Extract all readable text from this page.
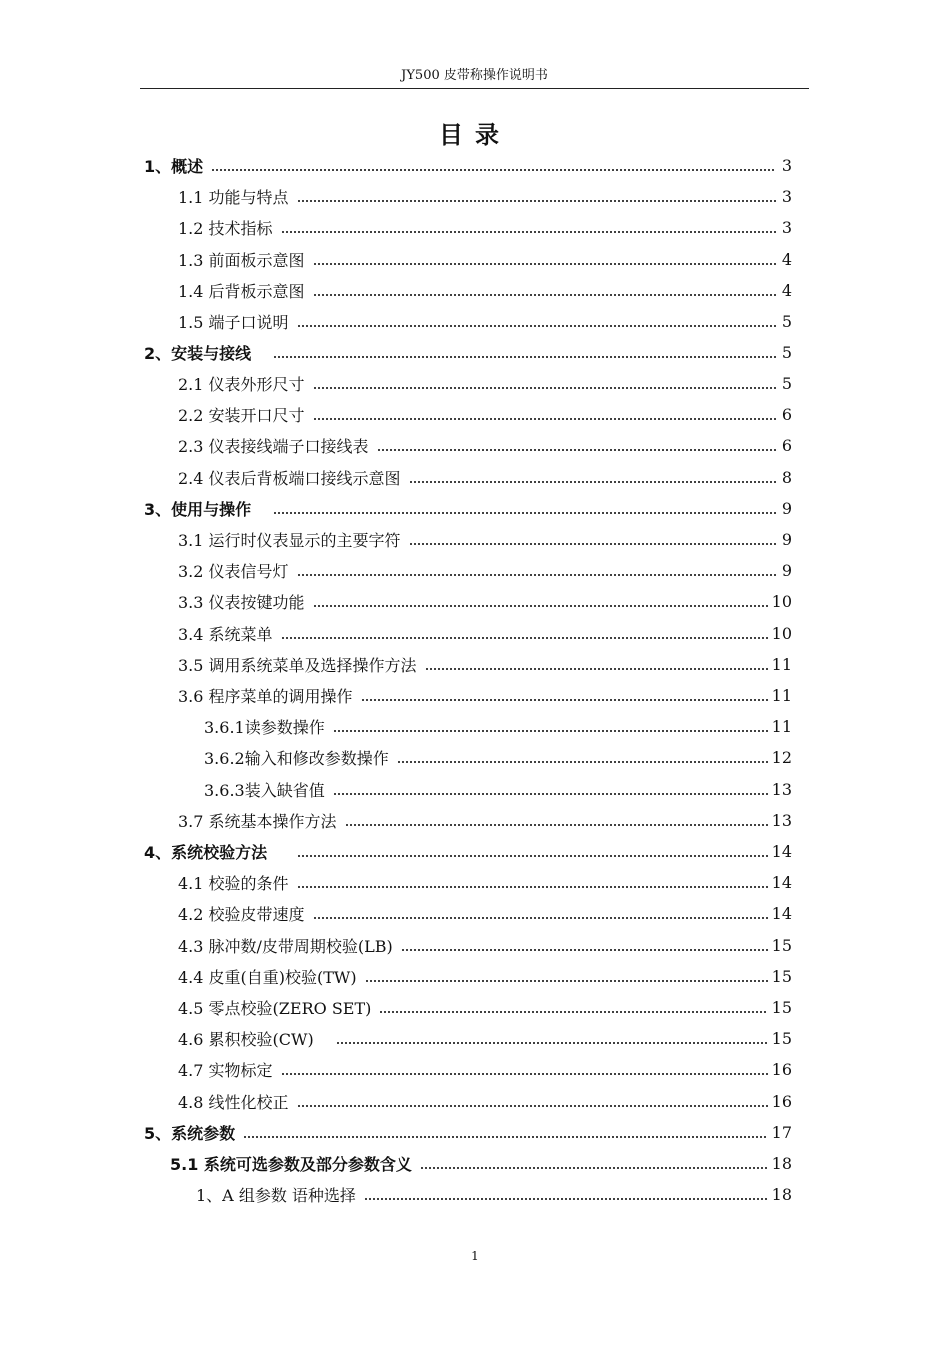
JY500 皮带称操作说明书
目录
1、概述	3
1.1 功能与特点	3
1.2 技术指标	3
1.3 前面板示意图	4
1.4 后背板示意图	4
1.5 端子口说明	5
2、安装与接线	5
2.1 仪表外形尺寸	5
2.2 安装开口尺寸	6
2.3 仪表接线端子口接线表	6
2.4 仪表后背板端口接线示意图	8
3、使用与操作	9
3.1 运行时仪表显示的主要字符	9
3.2 仪表信号灯	9
3.3 仪表按键功能	10
3.4 系统菜单	10
3.5 调用系统菜单及选择操作方法	11
3.6 程序菜单的调用操作	11
3.6.1读参数操作	11
3.6.2输入和修改参数操作	12
3.6.3装入缺省值	13
3.7 系统基本操作方法	13
4、系统校验方法	14
4.1 校验的条件	14
4.2 校验皮带速度	14
4.3 脉冲数/皮带周期校验(LB)	15
4.4 皮重(自重)校验(TW)	15
4.5 零点校验(ZERO SET)	15
4.6 累积校验(CW)	15
4.7 实物标定	16
4.8 线性化校正	16
5、系统参数	17
5.1 系统可选参数及部分参数含义	18
1、A 组参数 语种选择	18
1
